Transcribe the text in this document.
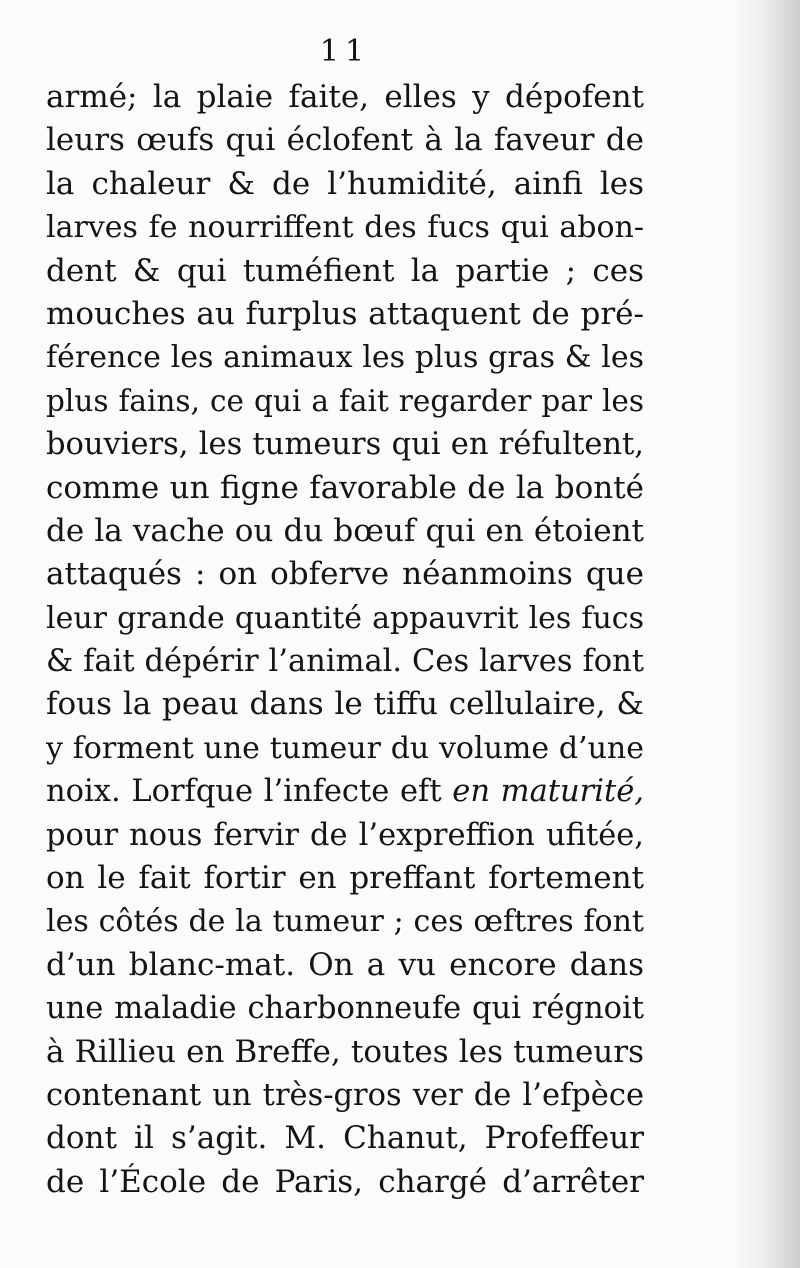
11
armé; la plaie faite, elles y dépofent
leurs œufs qui éclofent à la faveur de
la chaleur & de l’humidité, ainfi les
larves fe nourriffent des fucs qui abon-
dent & qui tuméfient la partie ; ces
mouches au furplus attaquent de pré-
férence les animaux les plus gras & les
plus fains, ce qui a fait regarder par les
bouviers, les tumeurs qui en réfultent,
comme un figne favorable de la bonté
de la vache ou du bœuf qui en étoient
attaqués : on obferve néanmoins que
leur grande quantité appauvrit les fucs
& fait dépérir l’animal. Ces larves font
fous la peau dans le tiffu cellulaire, &
y forment une tumeur du volume d’une
noix. Lorfque l’infecte eft en maturité,
pour nous fervir de l’expreffion ufitée,
on le fait fortir en preffant fortement
les côtés de la tumeur ; ces œftres font
d’un blanc-mat. On a vu encore dans
une maladie charbonneufe qui régnoit
à Rillieu en Breffe, toutes les tumeurs
contenant un très-gros ver de l’efpèce
dont il s’agit. M. Chanut, Profeffeur
de l’École de Paris, chargé d’arrêter
